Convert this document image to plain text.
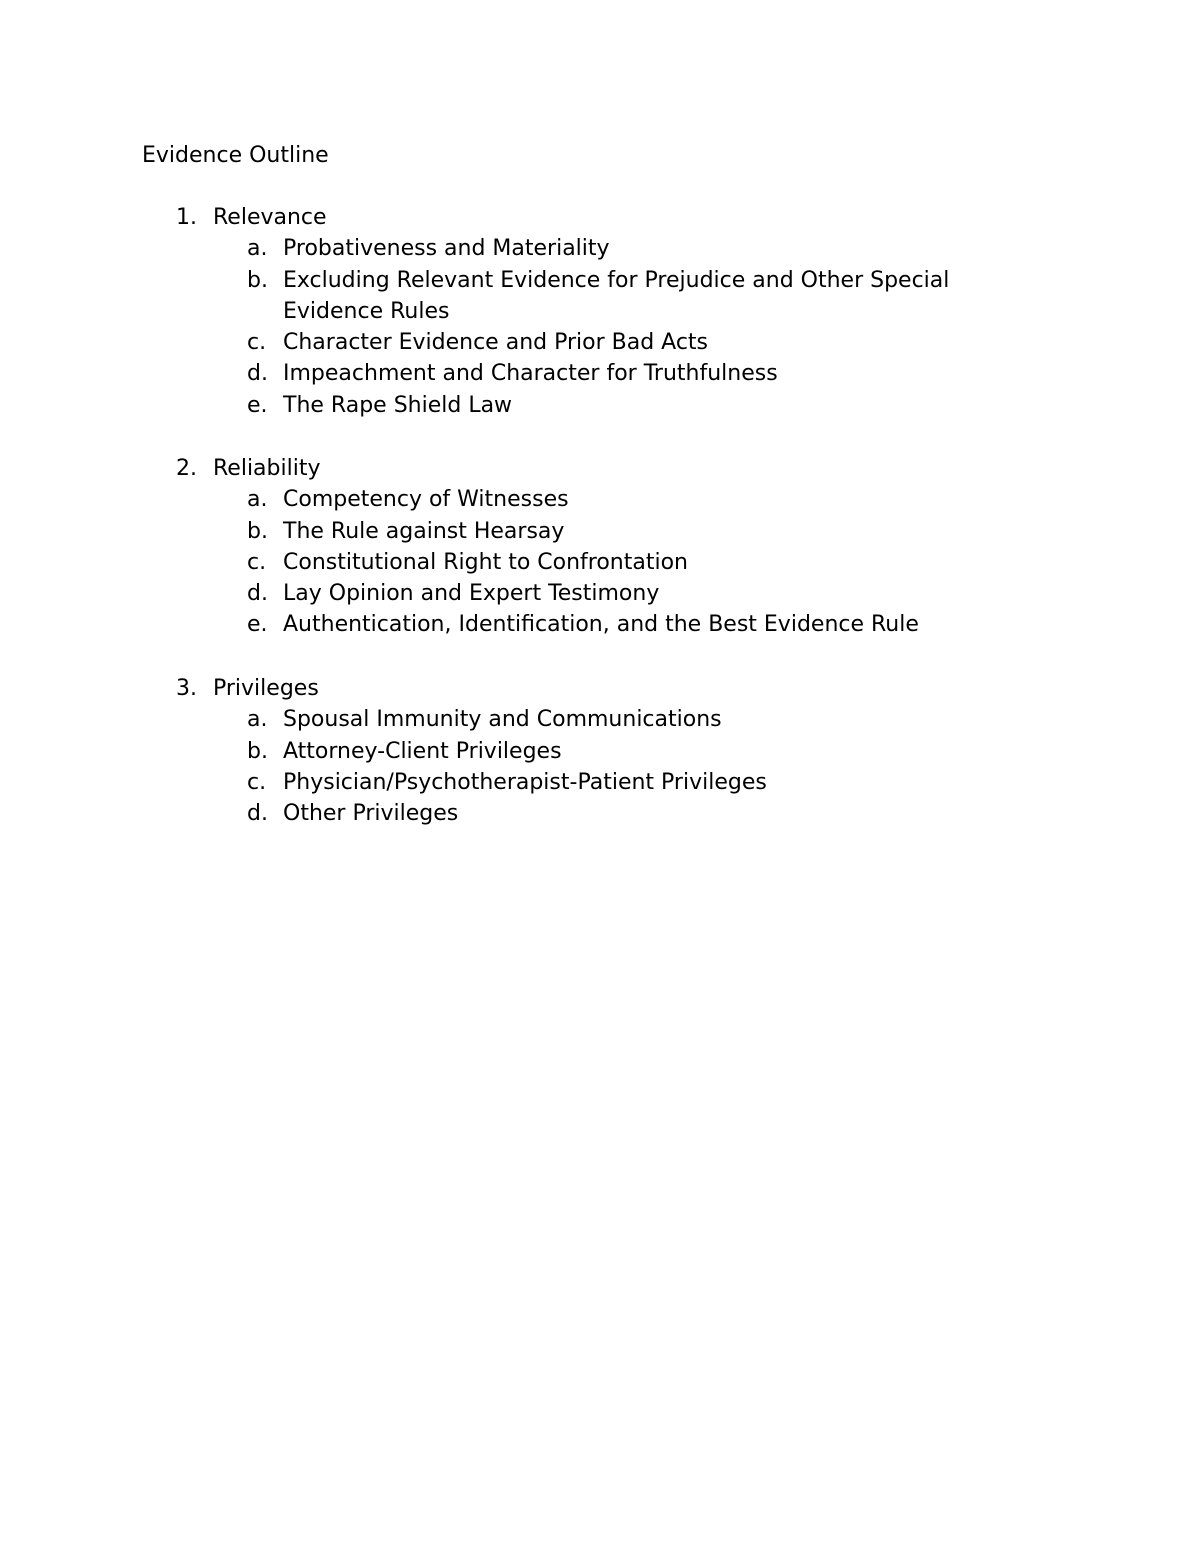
Evidence Outline
1. Relevance
a. Probativeness and Materiality
b. Excluding Relevant Evidence for Prejudice and Other Special Evidence Rules
c. Character Evidence and Prior Bad Acts
d. Impeachment and Character for Truthfulness
e. The Rape Shield Law
2. Reliability
a. Competency of Witnesses
b. The Rule against Hearsay
c. Constitutional Right to Confrontation
d. Lay Opinion and Expert Testimony
e. Authentication, Identification, and the Best Evidence Rule
3. Privileges
a. Spousal Immunity and Communications
b. Attorney-Client Privileges
c. Physician/Psychotherapist-Patient Privileges
d. Other Privileges
